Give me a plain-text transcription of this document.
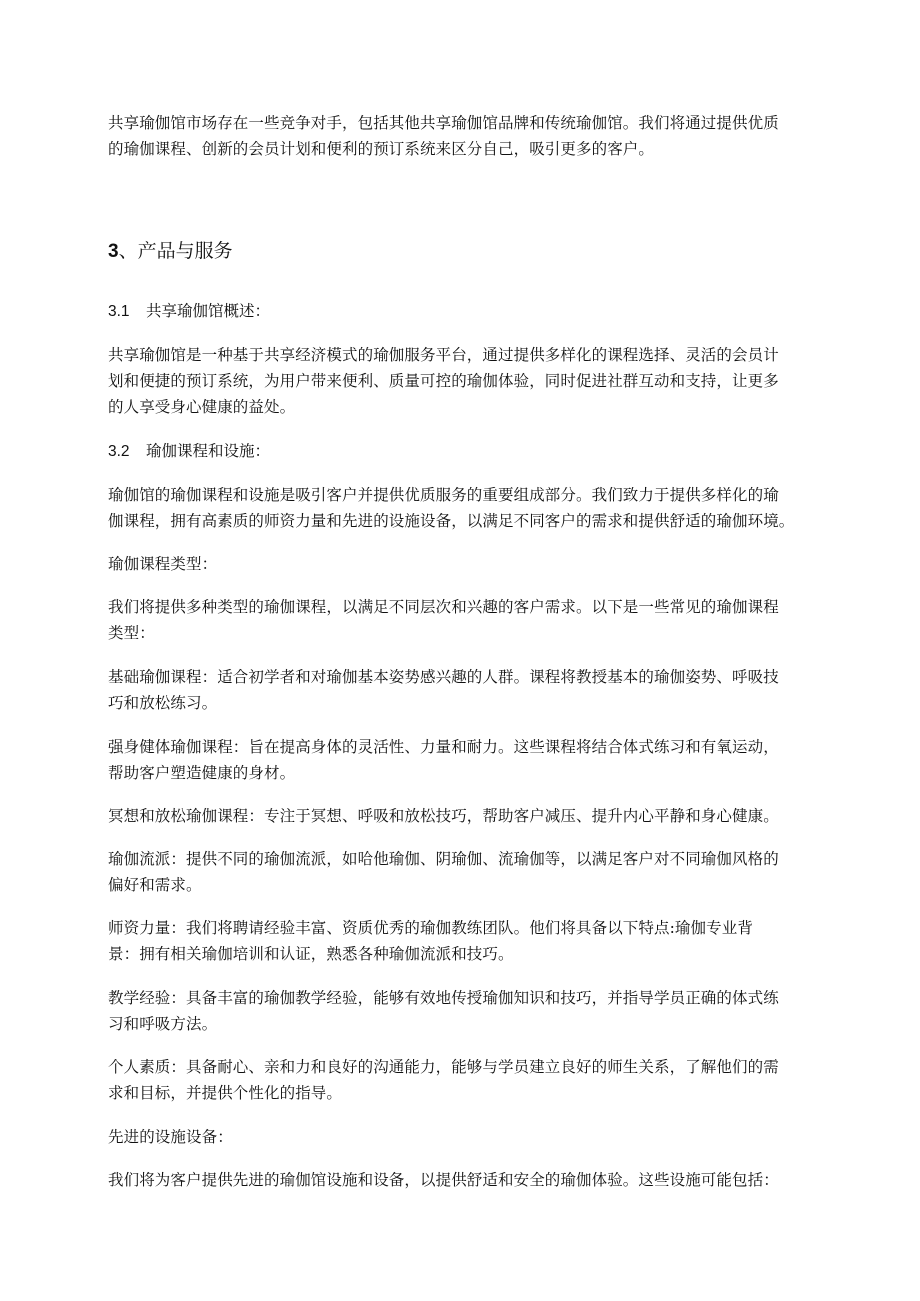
共享瑜伽馆市场存在一些竞争对手，包括其他共享瑜伽馆品牌和传统瑜伽馆。我们将通过提供优质
的瑜伽课程、创新的会员计划和便利的预订系统来区分自己，吸引更多的客户。

3、产品与服务
3.1 共享瑜伽馆概述：

共享瑜伽馆是一种基于共享经济模式的瑜伽服务平台，通过提供多样化的课程选择、灵活的会员计
划和便捷的预订系统，为用户带来便利、质量可控的瑜伽体验，同时促进社群互动和支持，让更多
的人享受身心健康的益处。

3.2 瑜伽课程和设施：

瑜伽馆的瑜伽课程和设施是吸引客户并提供优质服务的重要组成部分。我们致力于提供多样化的瑜
伽课程，拥有高素质的师资力量和先进的设施设备，以满足不同客户的需求和提供舒适的瑜伽环境。

瑜伽课程类型：

我们将提供多种类型的瑜伽课程，以满足不同层次和兴趣的客户需求。以下是一些常见的瑜伽课程
类型：

基础瑜伽课程：适合初学者和对瑜伽基本姿势感兴趣的人群。课程将教授基本的瑜伽姿势、呼吸技
巧和放松练习。

强身健体瑜伽课程：旨在提高身体的灵活性、力量和耐力。这些课程将结合体式练习和有氧运动，
帮助客户塑造健康的身材。

冥想和放松瑜伽课程：专注于冥想、呼吸和放松技巧，帮助客户减压、提升内心平静和身心健康。

瑜伽流派：提供不同的瑜伽流派，如哈他瑜伽、阴瑜伽、流瑜伽等，以满足客户对不同瑜伽风格的
偏好和需求。

师资力量：我们将聘请经验丰富、资质优秀的瑜伽教练团队。他们将具备以下特点:瑜伽专业背
景：拥有相关瑜伽培训和认证，熟悉各种瑜伽流派和技巧。

教学经验：具备丰富的瑜伽教学经验，能够有效地传授瑜伽知识和技巧，并指导学员正确的体式练
习和呼吸方法。

个人素质：具备耐心、亲和力和良好的沟通能力，能够与学员建立良好的师生关系，了解他们的需
求和目标，并提供个性化的指导。

先进的设施设备：

我们将为客户提供先进的瑜伽馆设施和设备，以提供舒适和安全的瑜伽体验。这些设施可能包括：
